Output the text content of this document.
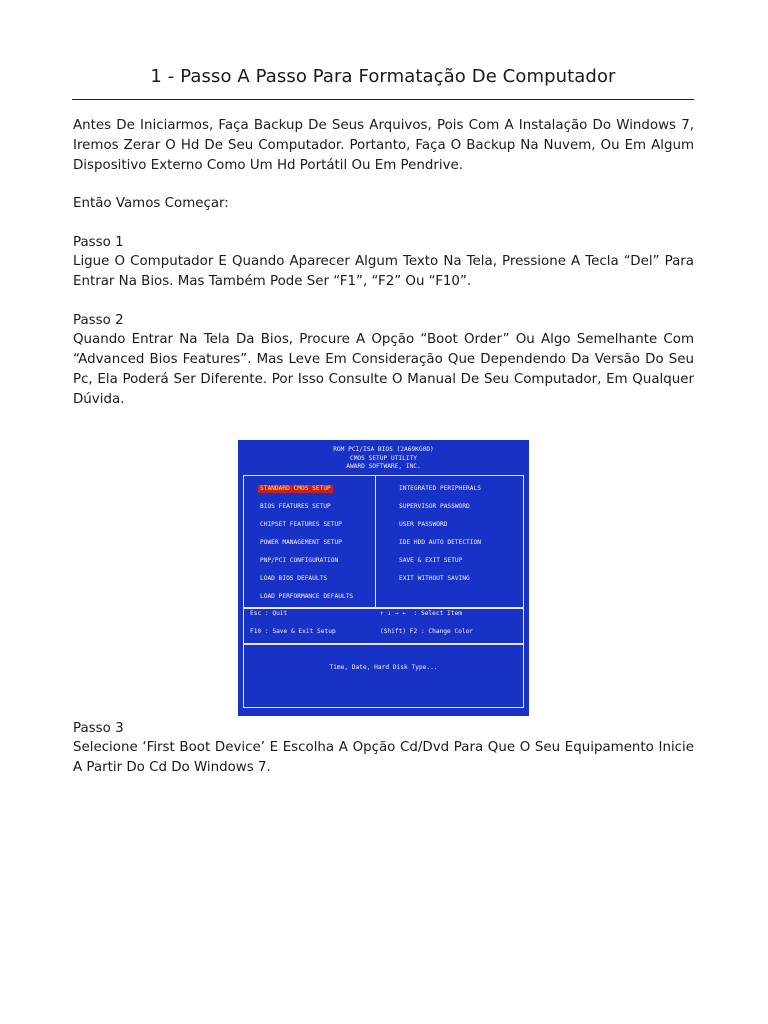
1 - Passo A Passo Para Formatação De Computador

Antes De Iniciarmos, Faça Backup De Seus Arquivos, Pois Com A Instalação Do Windows 7, Iremos Zerar O Hd De Seu Computador. Portanto, Faça O Backup Na Nuvem, Ou Em Algum Dispositivo Externo Como Um Hd Portátil Ou Em Pendrive.

Então Vamos Começar:

Passo 1

Ligue O Computador E Quando Aparecer Algum Texto Na Tela, Pressione A Tecla “Del” Para Entrar Na Bios. Mas Também Pode Ser “F1”, “F2” Ou “F10”.

Passo 2

Quando Entrar Na Tela Da Bios, Procure A Opção “Boot Order” Ou Algo Semelhante Com “Advanced Bios Features”. Mas Leve Em Consideração Que Dependendo Da Versão Do Seu Pc, Ela Poderá Ser Diferente. Por Isso Consulte O Manual De Seu Computador, Em Qualquer Dúvida.

ROM PCI/ISA BIOS (2A69KG0D)
CMOS SETUP UTILITY
AWARD SOFTWARE, INC.
STANDARD CMOS SETUP
BIOS FEATURES SETUP
CHIPSET FEATURES SETUP
POWER MANAGEMENT SETUP
PNP/PCI CONFIGURATION
LOAD BIOS DEFAULTS
LOAD PERFORMANCE DEFAULTS
INTEGRATED PERIPHERALS
SUPERVISOR PASSWORD
USER PASSWORD
IDE HDD AUTO DETECTION
SAVE & EXIT SETUP
EXIT WITHOUT SAVING
Esc : Quit	↑ ↓ → ←  : Select Item
F10 : Save & Exit Setup	(Shift) F2 : Change Color
Time, Date, Hard Disk Type...

Passo 3

Selecione ‘First Boot Device’ E Escolha A Opção Cd/Dvd Para Que O Seu Equipamento Inicie A Partir Do Cd Do Windows 7.
